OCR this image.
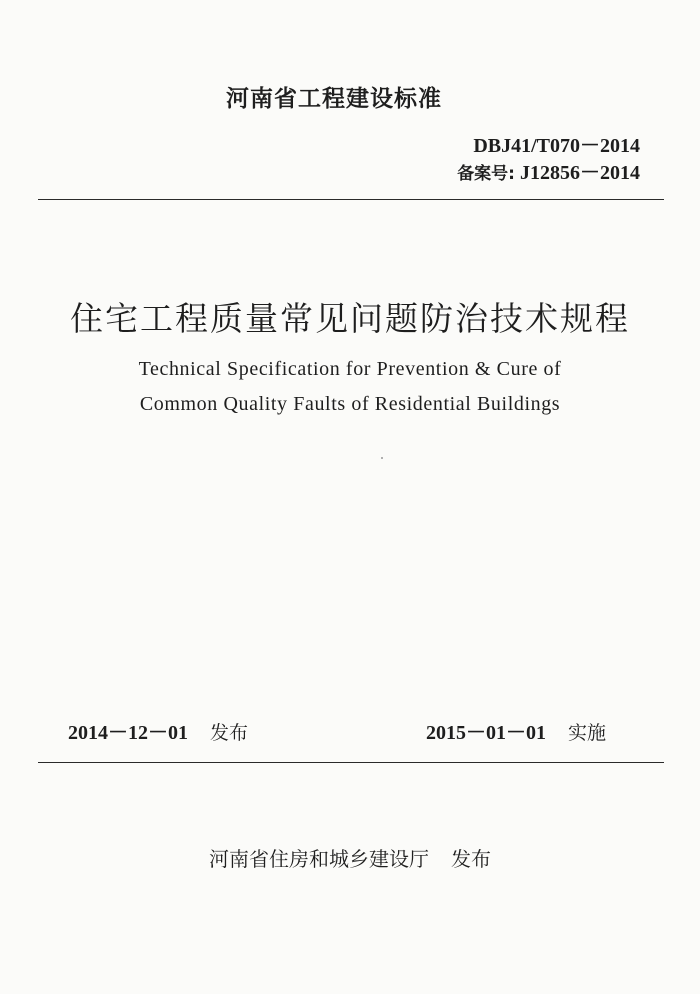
河南省工程建设标准
DBJ41/T070－2014
备案号: J12856－2014
住宅工程质量常见问题防治技术规程
Technical Specification for Prevention & Cure of
Common Quality Faults of Residential Buildings
2014－12－01 发布	2015－01－01 实施
河南省住房和城乡建设厅 发布
